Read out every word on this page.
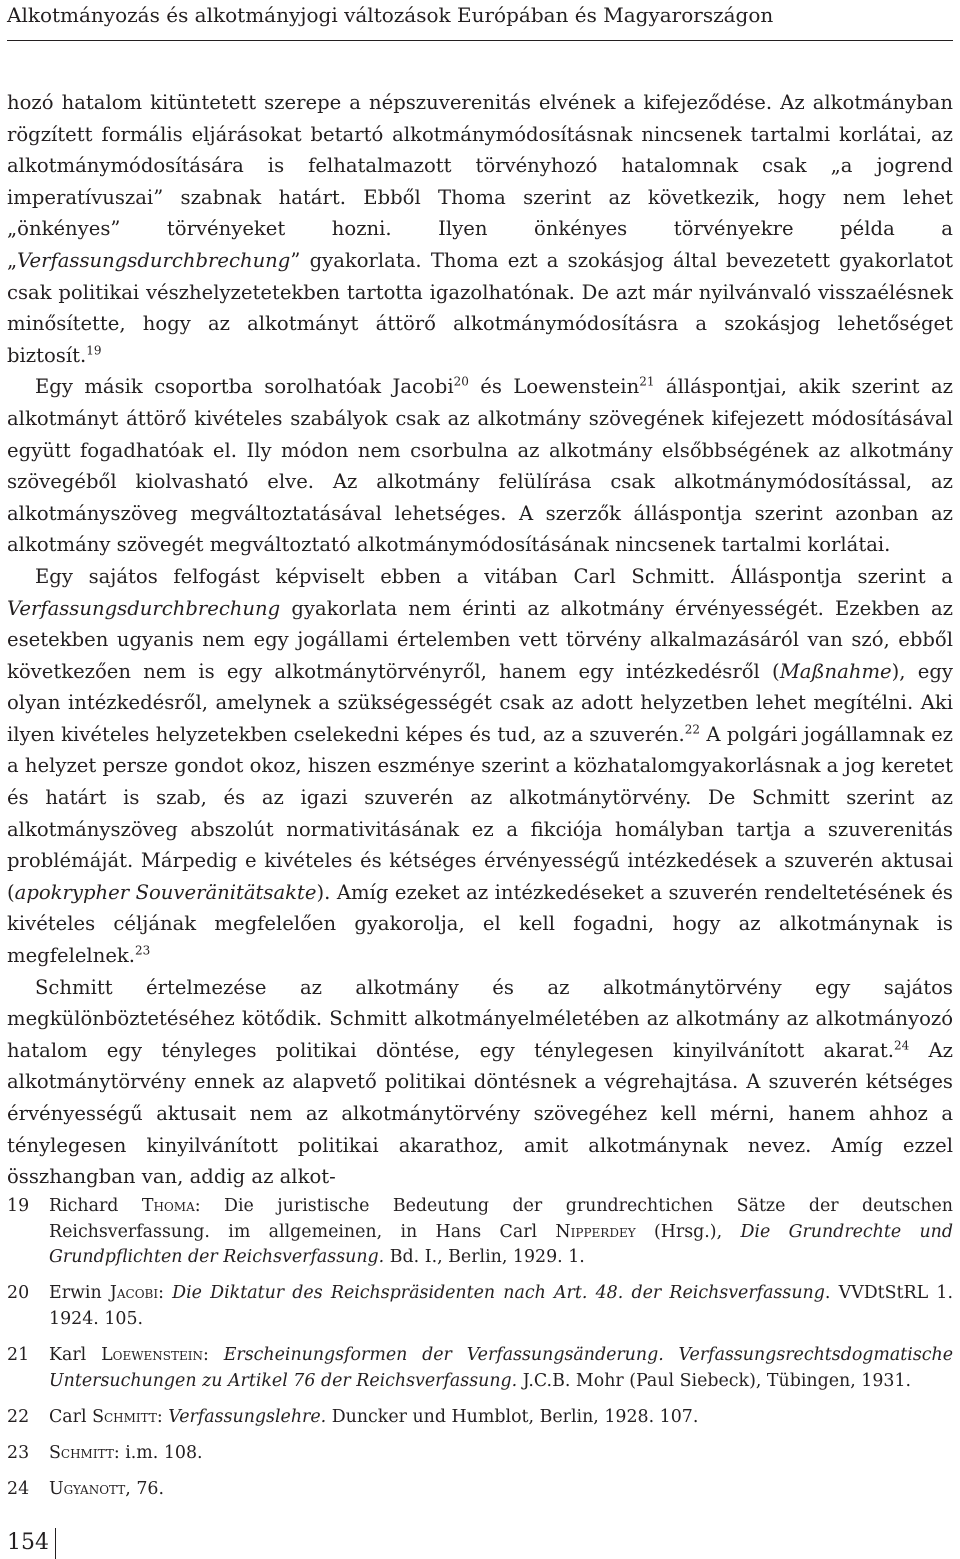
Alkotmányozás és alkotmányjogi változások Európában és Magyarországon

hozó hatalom kitüntetett szerepe a népszuverenitás elvének a kifejeződése. Az alkotmányban rögzített formális eljárásokat betartó alkotmánymódosításnak nincsenek tartalmi korlátai, az alkotmánymódosítására is felhatalmazott törvényhozó hatalomnak csak „a jogrend imperatívuszai” szabnak határt. Ebből Thoma szerint az következik, hogy nem lehet „önkényes” törvényeket hozni. Ilyen önkényes törvényekre példa a „Verfassungsdurchbrechung” gyakorlata. Thoma ezt a szokásjog által bevezetett gyakorlatot csak politikai vészhelyzetetekben tartotta igazolhatónak. De azt már nyilvánvaló visszaélésnek minősítette, hogy az alkotmányt áttörő alkotmánymódosításra a szokásjog lehetőséget biztosít.$^{19}$

Egy másik csoportba sorolhatóak Jacobi$^{20}$ és Loewenstein$^{21}$ álláspontjai, akik szerint az alkotmányt áttörő kivételes szabályok csak az alkotmány szövegének kifejezett módosításával együtt fogadhatóak el. Ily módon nem csorbulna az alkotmány elsőbbségének az alkotmány szövegéből kiolvasható elve. Az alkotmány felülírása csak alkotmánymódosítással, az alkotmányszöveg megváltoztatásával lehetséges. A szerzők álláspontja szerint azonban az alkotmány szövegét megváltoztató alkotmánymódosításának nincsenek tartalmi korlátai.

Egy sajátos felfogást képviselt ebben a vitában Carl Schmitt. Álláspontja szerint a Verfassungsdurchbrechung gyakorlata nem érinti az alkotmány érvényességét. Ezekben az esetekben ugyanis nem egy jogállami értelemben vett törvény alkalmazásáról van szó, ebből következően nem is egy alkotmánytörvényről, hanem egy intézkedésről (Maßnahme), egy olyan intézkedésről, amelynek a szükségességét csak az adott helyzetben lehet megítélni. Aki ilyen kivételes helyzetekben cselekedni képes és tud, az a szuverén.$^{22}$ A polgári jogállamnak ez a helyzet persze gondot okoz, hiszen eszménye szerint a közhatalomgyakorlásnak a jog keretet és határt is szab, és az igazi szuverén az alkotmánytörvény. De Schmitt szerint az alkotmányszöveg abszolút normativitásának ez a fikciója homályban tartja a szuverenitás problémáját. Márpedig e kivételes és kétséges érvényességű intézkedések a szuverén aktusai (apokrypher Souveränitätsakte). Amíg ezeket az intézkedéseket a szuverén rendeltetésének és kivételes céljának megfelelően gyakorolja, el kell fogadni, hogy az alkotmánynak is megfelelnek.$^{23}$

Schmitt értelmezése az alkotmány és az alkotmánytörvény egy sajátos megkülönböztetéséhez kötődik. Schmitt alkotmányelméletében az alkotmány az alkotmányozó hatalom egy tényleges politikai döntése, egy ténylegesen kinyilvánított akarat.$^{24}$ Az alkotmánytörvény ennek az alapvető politikai döntésnek a végrehajtása. A szuverén kétséges érvényességű aktusait nem az alkotmánytörvény szövegéhez kell mérni, hanem ahhoz a ténylegesen kinyilvánított politikai akarathoz, amit alkotmánynak nevez. Amíg ezzel összhangban van, addig az alkot-

19 Richard Thoma: Die juristische Bedeutung der grundrechtichen Sätze der deutschen Reichsverfassung. im allgemeinen, in Hans Carl Nipperdey (Hrsg.), Die Grundrechte und Grundpflichten der Reichsverfassung. Bd. I., Berlin, 1929. 1.
20 Erwin Jacobi: Die Diktatur des Reichspräsidenten nach Art. 48. der Reichsverfassung. VVDtStRL 1. 1924. 105.
21 Karl Loewenstein: Erscheinungsformen der Verfassungsänderung. Verfassungsrechtsdogmatische Untersuchungen zu Artikel 76 der Reichsverfassung. J.C.B. Mohr (Paul Siebeck), Tübingen, 1931.
22 Carl Schmitt: Verfassungslehre. Duncker und Humblot, Berlin, 1928. 107.
23 Schmitt: i.m. 108.
24 Ugyanott, 76.
154
